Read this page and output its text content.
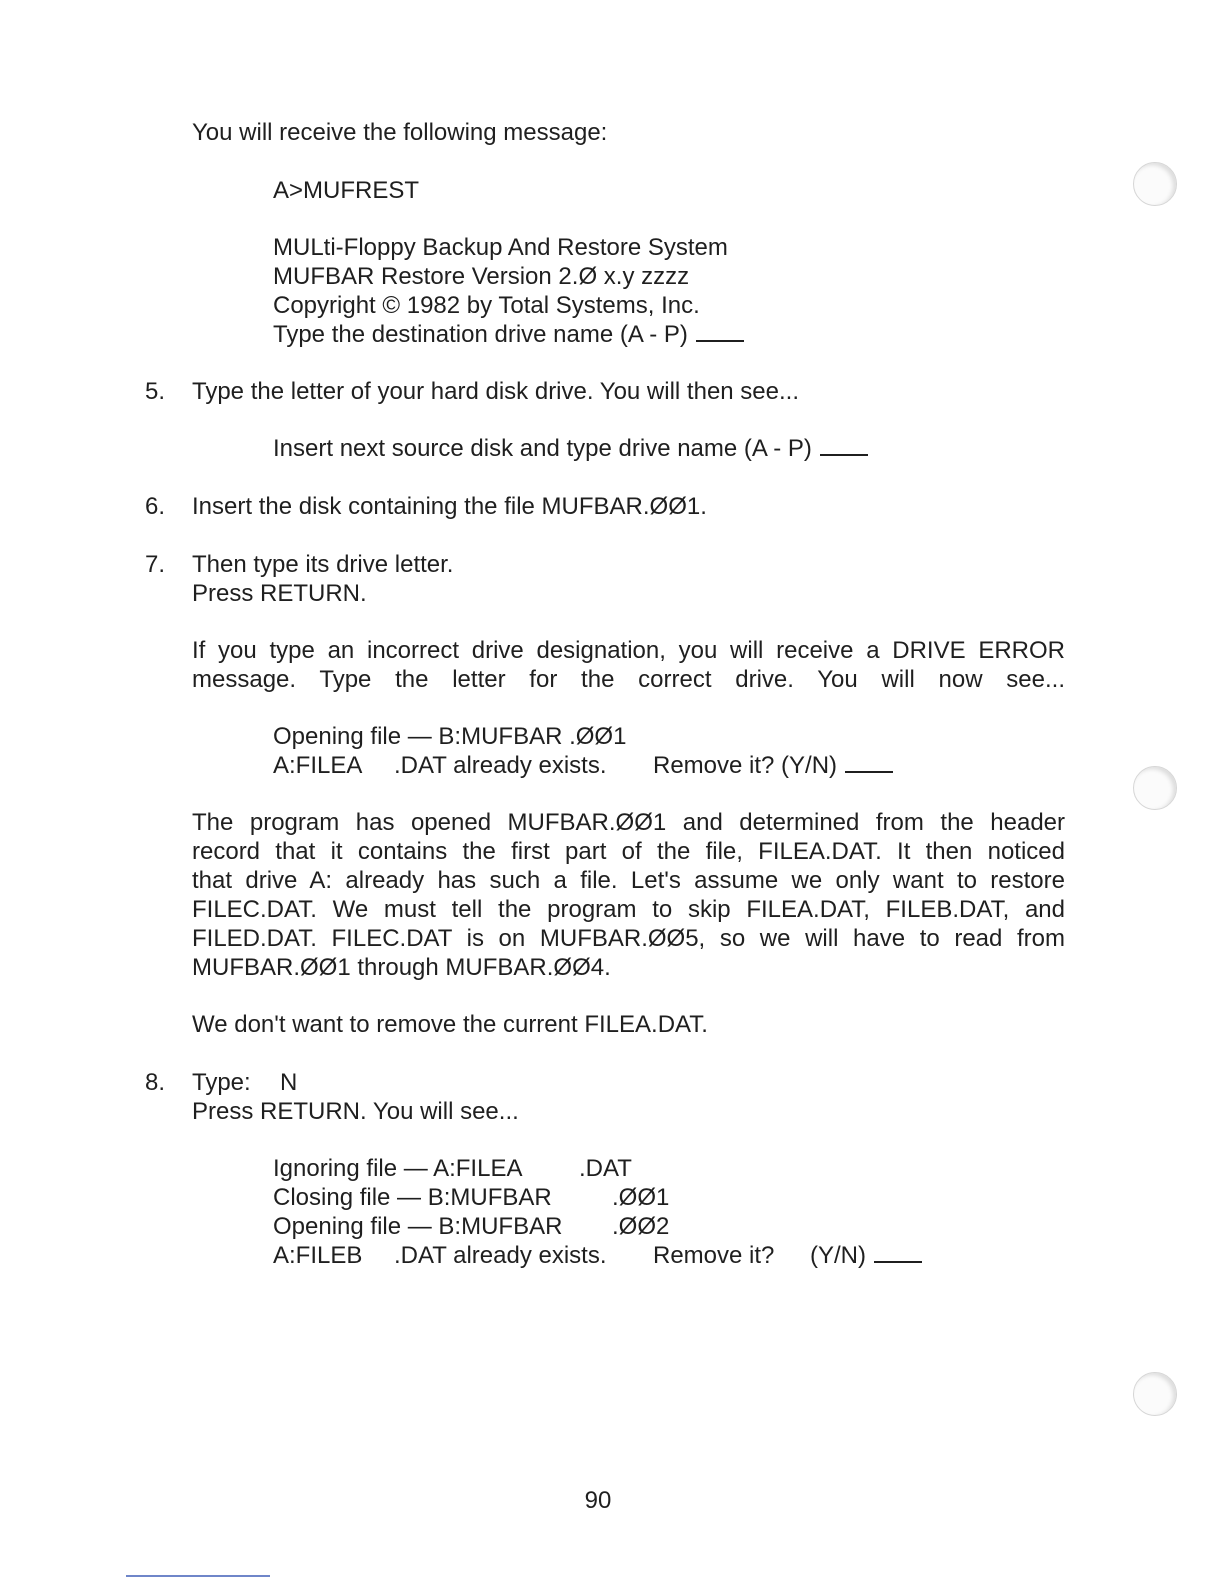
You will receive the following message:

A>MUFREST

MULti-Floppy Backup And Restore System
MUFBAR Restore Version 2.Ø x.y zzzz
Copyright © 1982 by Total Systems, Inc.
Type the destination drive name (A - P)
5.	Type the letter of your hard disk drive. You will then see...

Insert next source disk and type drive name (A - P)

6.	Insert the disk containing the file MUFBAR.ØØ1.

7.	Then type its drive letter.
Press RETURN.
If you type an incorrect drive designation, you will receive a DRIVE ERROR
message. Type the letter for the correct drive. You will now see...
Opening file — B:MUFBAR .ØØ1
A:FILEA .DAT already exists. Remove it? (Y/N)
The program has opened MUFBAR.ØØ1 and determined from the header
record that it contains the first part of the file, FILEA.DAT. It then noticed
that drive A: already has such a file. Let's assume we only want to restore
FILEC.DAT. We must tell the program to skip FILEA.DAT, FILEB.DAT, and
FILED.DAT. FILEC.DAT is on MUFBAR.ØØ5, so we will have to read from
MUFBAR.ØØ1 through MUFBAR.ØØ4.

We don't want to remove the current FILEA.DAT.

8.	Type: N
Press RETURN. You will see...
Ignoring file — A:FILEA .DAT
Closing file — B:MUFBAR	.ØØ1
Opening file — B:MUFBAR .ØØ2
A:FILEB .DAT already exists. Remove it? (Y/N)
90
